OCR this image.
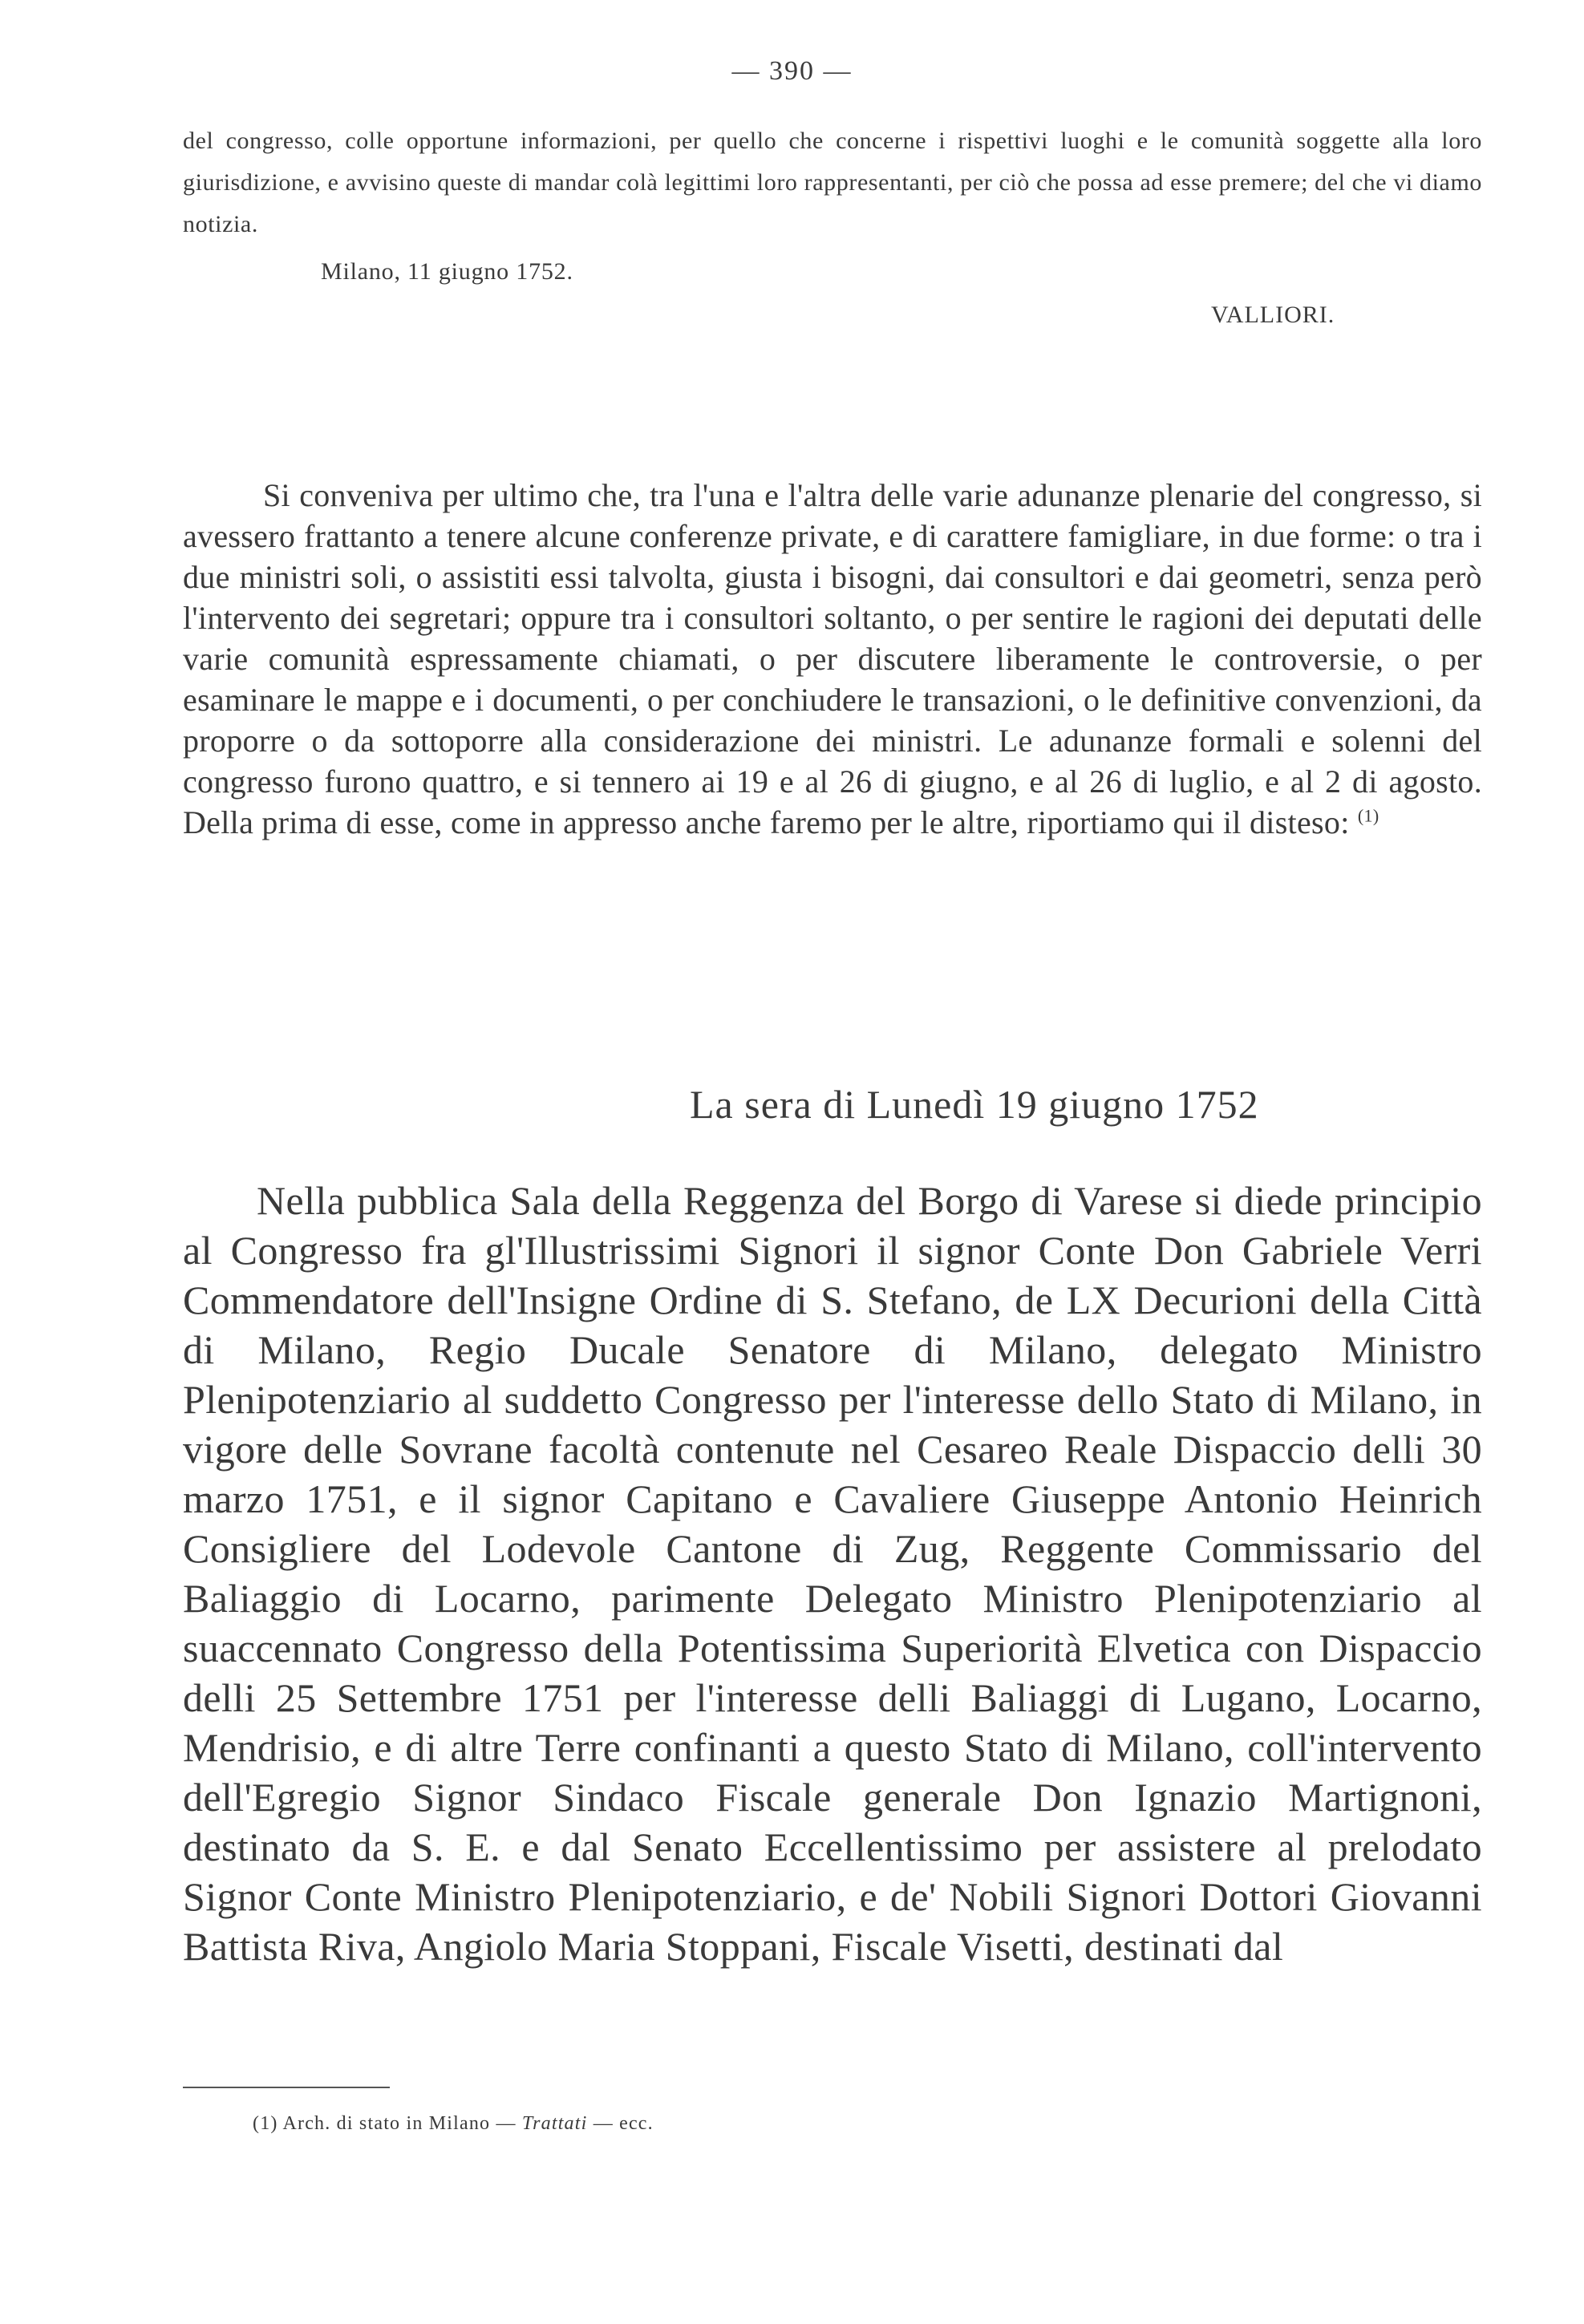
— 390 —

del congresso, colle opportune informazioni, per quello che concerne i rispettivi luoghi e le comunità soggette alla loro giurisdizione, e avvisino queste di mandar colà legittimi loro rappresentanti, per ciò che possa ad esse premere; del che vi diamo notizia.

Milano, 11 giugno 1752.
VALLIORI.

Si conveniva per ultimo che, tra l'una e l'altra delle varie adunanze plenarie del congresso, si avessero frattanto a tenere alcune conferenze private, e di carattere famigliare, in due forme: o tra i due ministri soli, o assistiti essi talvolta, giusta i bisogni, dai consultori e dai geometri, senza però l'intervento dei segretari; oppure tra i consultori soltanto, o per sentire le ragioni dei deputati delle varie comunità espressamente chiamati, o per discutere liberamente le controversie, o per esaminare le mappe e i documenti, o per conchiudere le transazioni, o le definitive convenzioni, da proporre o da sottoporre alla considerazione dei ministri. Le adunanze formali e solenni del congresso furono quattro, e si tennero ai 19 e al 26 di giugno, e al 26 di luglio, e al 2 di agosto. Della prima di esse, come in appresso anche faremo per le altre, riportiamo qui il disteso: $^{(1)}$

La sera di Lunedì 19 giugno 1752

Nella pubblica Sala della Reggenza del Borgo di Varese si diede principio al Congresso fra gl'Illustrissimi Signori il signor Conte Don Gabriele Verri Commendatore dell'Insigne Ordine di S. Stefano, de LX Decurioni della Città di Milano, Regio Ducale Senatore di Milano, delegato Ministro Plenipotenziario al suddetto Congresso per l'interesse dello Stato di Milano, in vigore delle Sovrane facoltà contenute nel Cesareo Reale Dispaccio delli 30 marzo 1751, e il signor Capitano e Cavaliere Giuseppe Antonio Heinrich Consigliere del Lodevole Cantone di Zug, Reggente Commissario del Baliaggio di Locarno, parimente Delegato Ministro Plenipotenziario al suaccennato Congresso della Potentissima Superiorità Elvetica con Dispaccio delli 25 Settembre 1751 per l'interesse delli Baliaggi di Lugano, Locarno, Mendrisio, e di altre Terre confinanti a questo Stato di Milano, coll'intervento dell'Egregio Signor Sindaco Fiscale generale Don Ignazio Martignoni, destinato da S. E. e dal Senato Eccellentissimo per assistere al prelodato Signor Conte Ministro Plenipotenziario, e de' Nobili Signori Dottori Giovanni Battista Riva, Angiolo Maria Stoppani, Fiscale Visetti, destinati dal

(1) Arch. di stato in Milano — Trattati — ecc.
